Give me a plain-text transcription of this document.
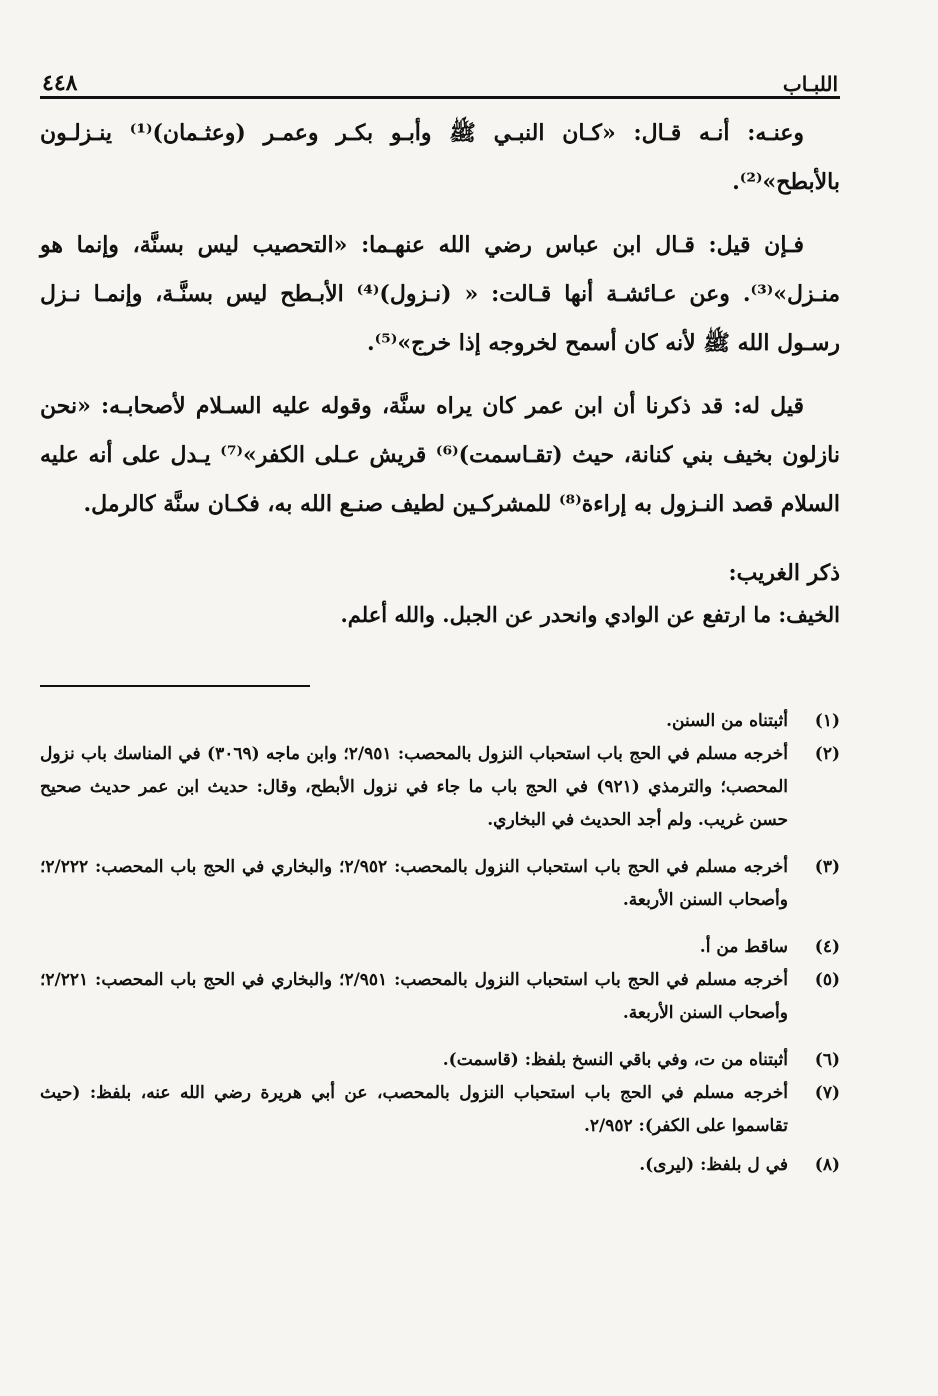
٤٤٨	اللبـاب

وعنـه: أنـه قـال: «كـان النبـي ﷺ وأبـو بكـر وعمـر (وعثـمان)⁽¹⁾ ينـزلـون بالأبطح»⁽²⁾.

فـإن قيل: قـال ابن عباس رضي الله عنهـما: «التحصيب ليس بسنَّة، وإنما هو منـزل»⁽³⁾. وعن عـائشـة أنها قـالت: « (نـزول)⁽⁴⁾ الأبـطح ليس بسنَّـة، وإنمـا نـزل رسـول الله ﷺ لأنه كان أسمح لخروجه إذا خرج»⁽⁵⁾.

قيل له: قد ذكرنا أن ابن عمر كان يراه سنَّة، وقوله عليه السـلام لأصحابـه: «نحن نازلون بخيف بني كنانة، حيث (تقـاسمت)⁽⁶⁾ قريش عـلى الكفر»⁽⁷⁾ يـدل على أنه عليه السلام قصد النـزول به إراءة⁽⁸⁾ للمشركـين لطيف صنـع الله به، فكـان سنَّة كالرمل.

ذكر الغريب:
الخيف: ما ارتفع عن الوادي وانحدر عن الجبل. والله أعلم.
(١)
أثبتناه من السنن.
(٢)
أخرجه مسلم في الحج باب استحباب النزول بالمحصب: ٢/٩٥١؛ وابن ماجه (٣٠٦٩) في المناسك باب نزول المحصب؛ والترمذي (٩٢١) في الحج باب ما جاء في نزول الأبطح، وقال: حديث ابن عمر حديث صحيح حسن غريب. ولم أجد الحديث في البخاري.
(٣)
أخرجه مسلم في الحج باب استحباب النزول بالمحصب: ٢/٩٥٢؛ والبخاري في الحج باب المحصب: ٢/٢٢٢؛ وأصحاب السنن الأربعة.
(٤)
ساقط من أ.
(٥)
أخرجه مسلم في الحج باب استحباب النزول بالمحصب: ٢/٩٥١؛ والبخاري في الحج باب المحصب: ٢/٢٢١؛ وأصحاب السنن الأربعة.
(٦)
أثبتناه من ت، وفي باقي النسخ بلفظ: (قاسمت).
(٧)
أخرجه مسلم في الحج باب استحباب النزول بالمحصب، عن أبي هريرة رضي الله عنه، بلفظ: (حيث تقاسموا على الكفر): ٢/٩٥٢.
(٨)
في ل بلفظ: (ليرى).
